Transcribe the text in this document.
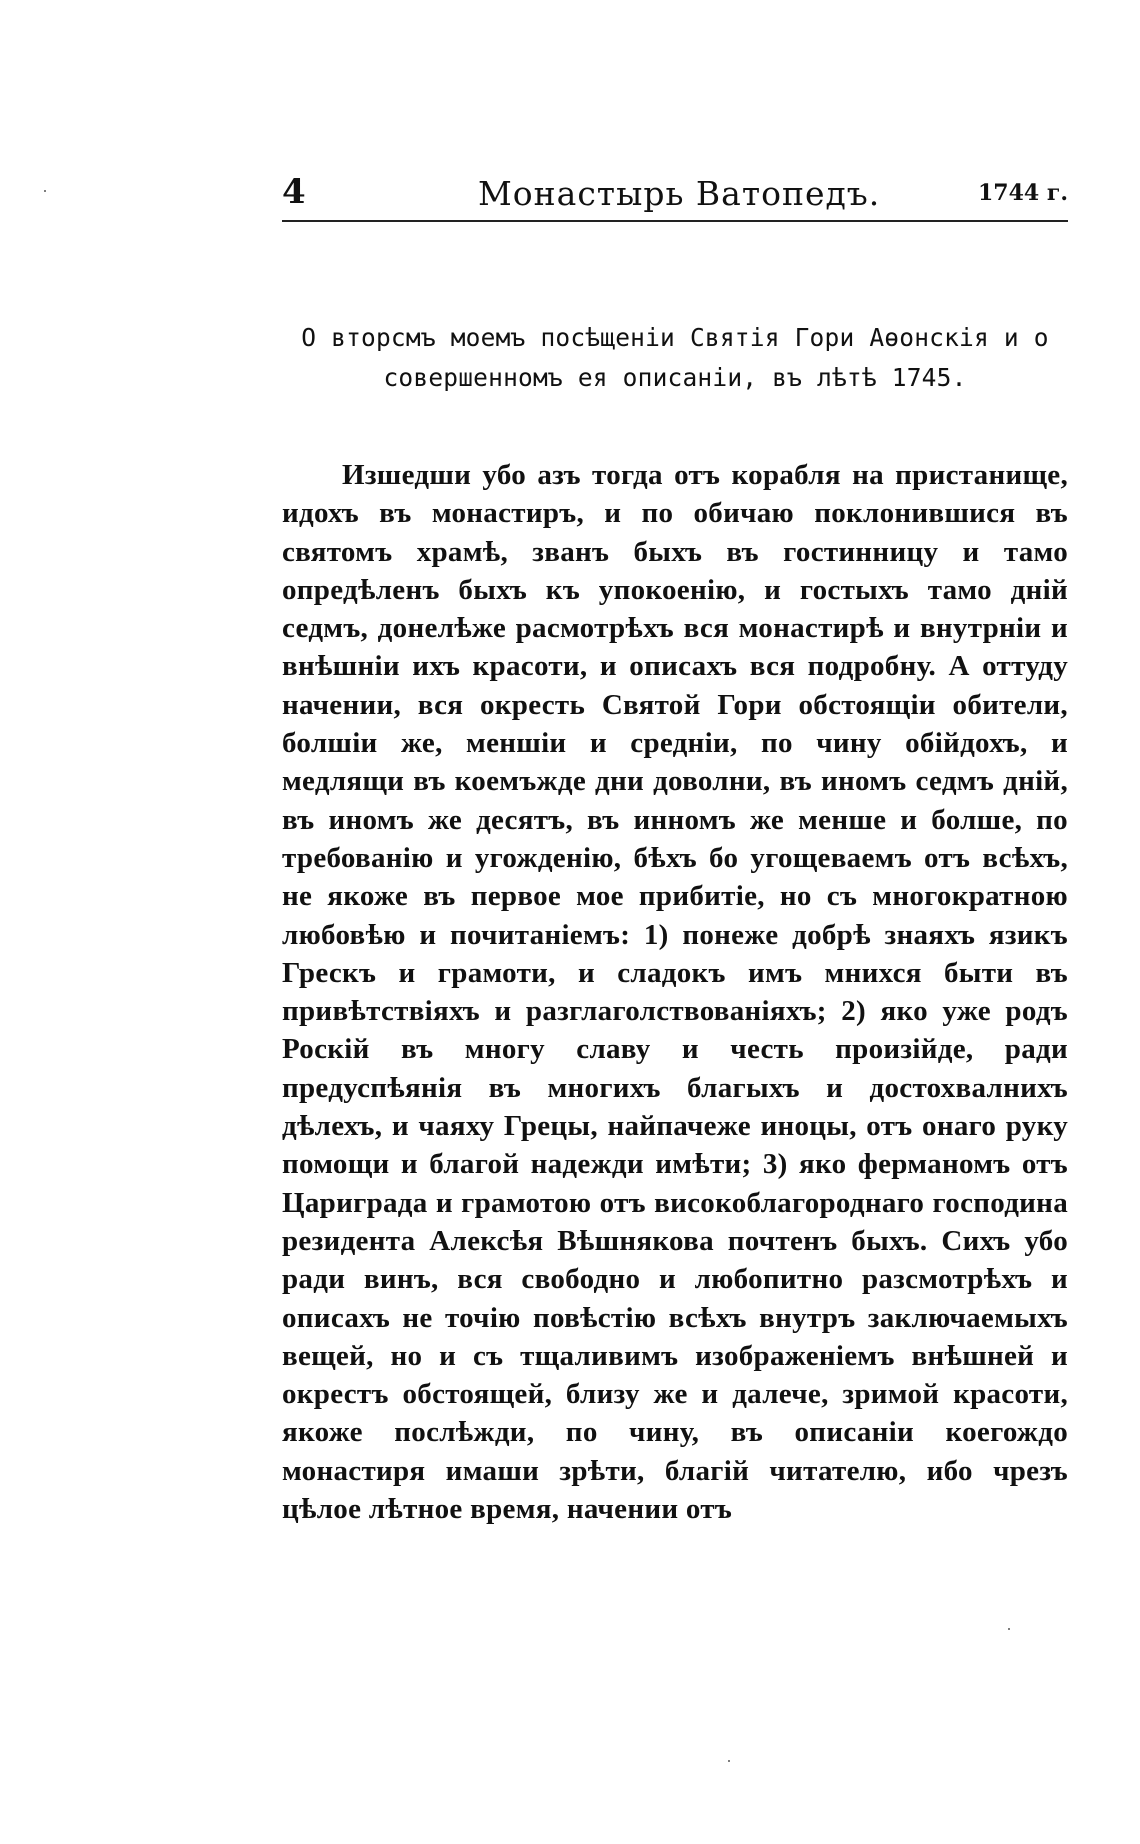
4	Монастырь Ватопедъ.	1744 г.
О вторсмъ моемъ посѣщеніи Святія Гори Аөонскія и о совершенномъ ея описаніи, въ лѣтѣ 1745.
Изшедши убо азъ тогда отъ корабля на пристанище, идохъ въ монастиръ, и по обичаю поклонившися въ святомъ храмѣ, званъ быхъ въ гостинницу и тамо опредѣленъ быхъ къ упокоенію, и гостыхъ тамо днiй седмъ, донелѣже расмотрѣхъ вся монастирѣ и внутрніи и внѣшніи ихъ красоти, и описахъ вся подробну. А оттуду начении, вся окресть Святой Гори обстоящіи обители, болшіи же, меншіи и средніи, по чину обійдохъ, и медлящи въ коемъжде дни доволни, въ иномъ седмъ дній, въ иномъ же десятъ, въ инномъ же менше и болше, по требованію и угожденію, бѣхъ бо угощеваемъ отъ всѣхъ, не якоже въ первое мое прибитіе, но съ многократною любовѣю и почитаніемъ: 1) понеже добрѣ знаяхъ язикъ Грескъ и грамоти, и сладокъ имъ мнихся быти въ привѣтствіяхъ и разглаголствованіяхъ; 2) яко уже родъ Роскій въ многу славу и честь произійде, ради предуспѣянія въ многихъ благыхъ и достохвалнихъ дѣлехъ, и чаяху Грецы, найпачеже иноцы, отъ онаго руку помощи и благой надежди имѣти; 3) яко ферманомъ отъ Цариграда и грамотою отъ високоблагороднаго господина резидента Алексѣя Вѣшнякова почтенъ быхъ. Сихъ убо ради винъ, вся свободно и любопитно разсмотрѣхъ и описахъ не точію повѣстію всѣхъ внутръ заключаемыхъ вещей, но и съ тщаливимъ изображеніемъ внѣшней и окрестъ обстоящей, близу же и далече, зримой красоти, якоже послѣжди, по чину, въ описаніи коегождо монастиря имаши зрѣти, благій читателю, ибо чрезъ цѣлое лѣтное время, начении отъ
